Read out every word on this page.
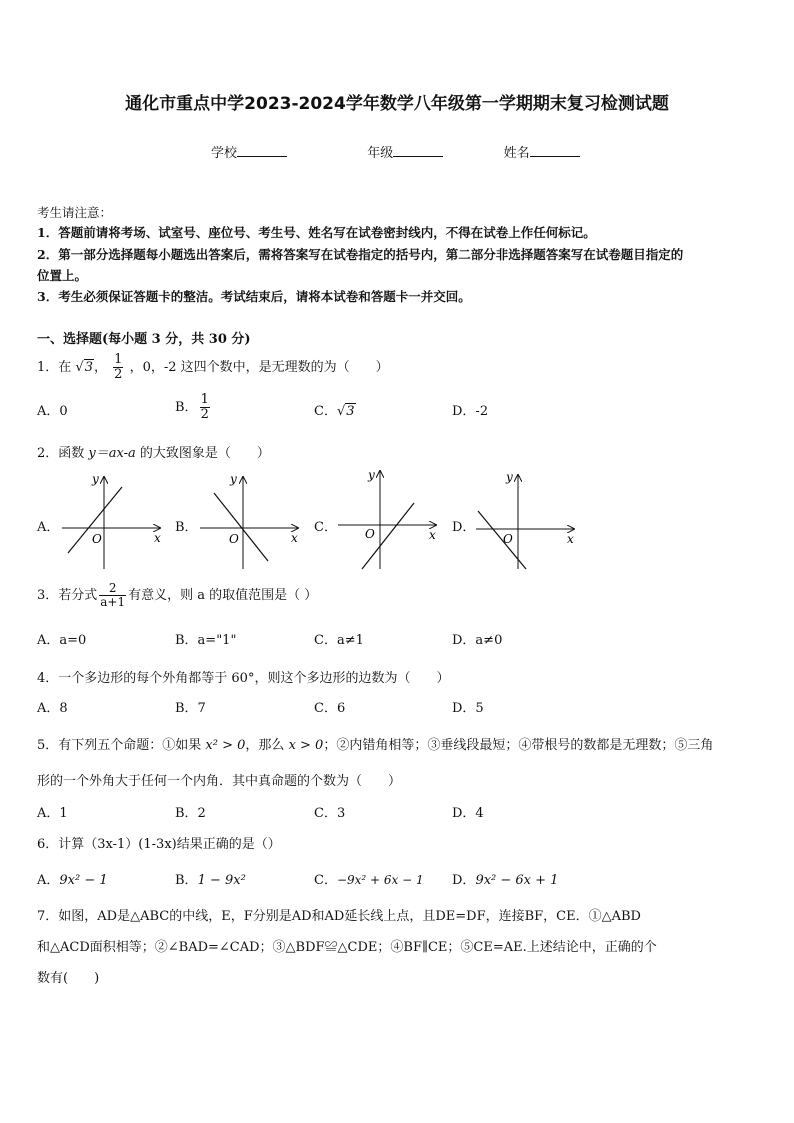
通化市重点中学2023-2024学年数学八年级第一学期期末复习检测试题
学校	年级	姓名
考生请注意：
1．答题前请将考场、试室号、座位号、考生号、姓名写在试卷密封线内，不得在试卷上作任何标记。
2．第一部分选择题每小题选出答案后，需将答案写在试卷指定的括号内，第二部分非选择题答案写在试卷题目指定的
位置上。
3．考生必须保证答题卡的整洁。考试结束后，请将本试卷和答题卡一并交回。
一、选择题(每小题 3 分，共 30 分)
1．在 √3， $\frac{1}{2}$ ，0，-2 这四个数中，是无理数的为（　　）
A．0	B． $\frac{1}{2}$	C．√3	D．-2
2．函数 y＝ax-a 的大致图象是（　　）
A．	B．	C．	D．
y
x
O
y
x
O
y
x
O
y
x
O
3．若分式 $\frac{2}{a+1}$ 有意义，则 a 的取值范围是（ ）
A．a=0	B．a="1"	C．a≠1	D．a≠0
4．一个多边形的每个外角都等于 60°，则这个多边形的边数为（　　）
A．8	B．7	C．6	D．5
5．有下列五个命题：①如果 x² > 0，那么 x > 0；②内错角相等；③垂线段最短；④带根号的数都是无理数；⑤三角
形的一个外角大于任何一个内角．其中真命题的个数为（　　）
A．1	B．2	C．3	D．4
6．计算（3x-1）(1-3x)结果正确的是（）
A．9x² − 1	B．1 − 9x²	C．−9x² + 6x − 1 D．9x² − 6x + 1
7．如图，AD是△ABC的中线，E，F分别是AD和AD延长线上点，且DE=DF，连接BF，CE．①△ABD
和△ACD面积相等；②∠BAD=∠CAD；③△BDF≌△CDE；④BF∥CE；⑤CE=AE.上述结论中，正确的个
数有(　　)
